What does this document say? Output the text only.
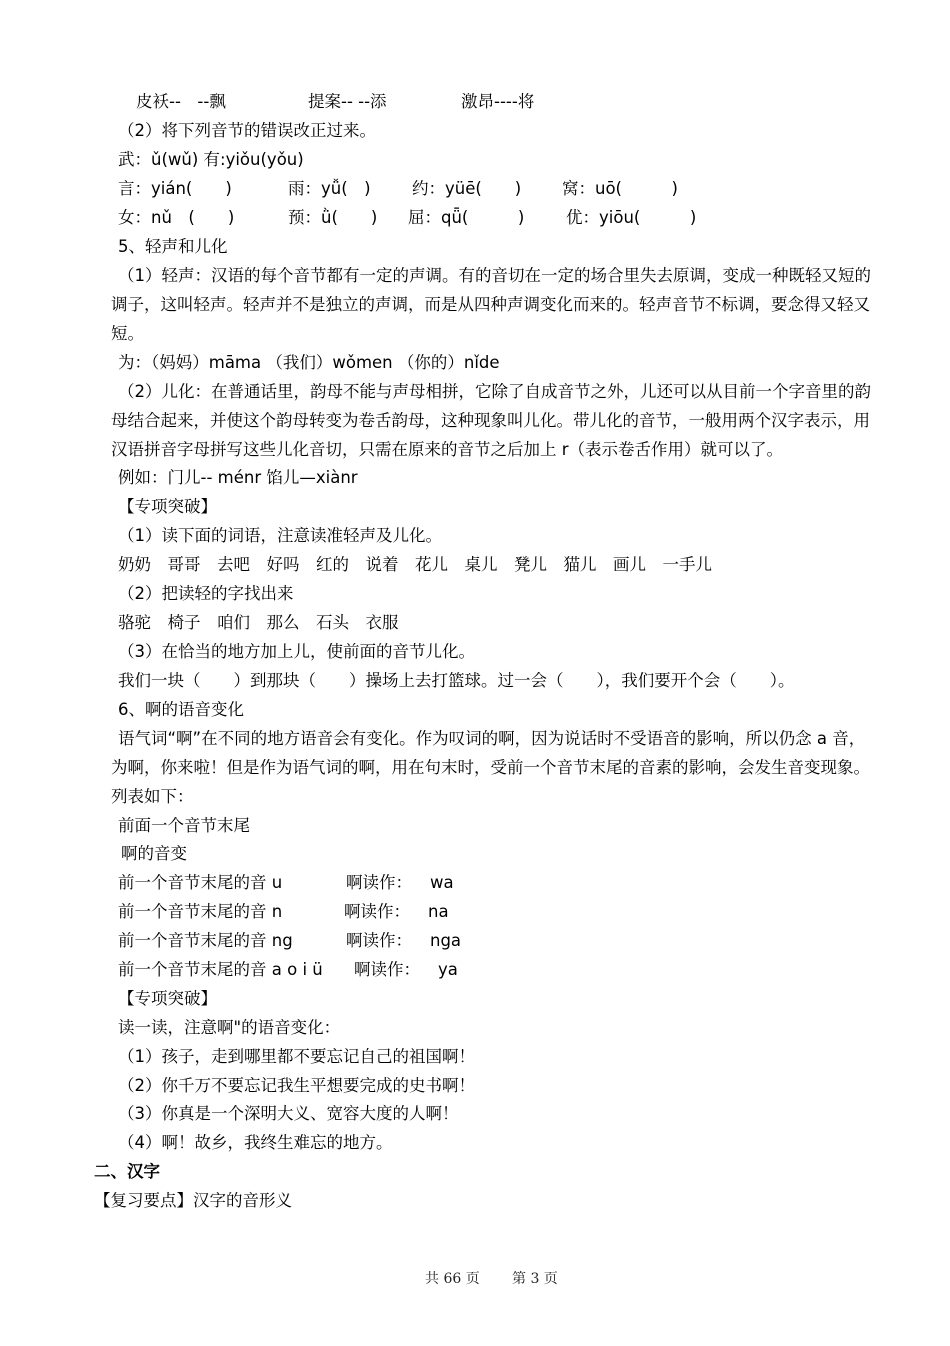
皮袄--　--飘	提案-- --添	激昂----将
（2）将下列音节的错误改正过来。
武：ǔ(wǔ) 有:yiǒu(yǒu)
言：yián(　　)	雨：yǚ(　)	约：yüē(　　) 窝：uō(　　　)
女：nǔ　(　　)	预：ǜ(　　) 屈：qǖ(　　　)	优：yiōu(　　　)
5、轻声和儿化
（1）轻声：汉语的每个音节都有一定的声调。有的音切在一定的场合里失去原调，变成一种既轻又短的
调子，这叫轻声。轻声并不是独立的声调，而是从四种声调变化而来的。轻声音节不标调，要念得又轻又
短。
为：（妈妈）māma （我们）wǒmen （你的）nǐde
（2）儿化：在普通话里，韵母不能与声母相拼，它除了自成音节之外，儿还可以从目前一个字音里的韵
母结合起来，并使这个韵母转变为卷舌韵母，这种现象叫儿化。带儿化的音节，一般用两个汉字表示，用
汉语拼音字母拼写这些儿化音切，只需在原来的音节之后加上 r（表示卷舌作用）就可以了。
例如：门儿-- ménr 馅儿—xiànr
【专项突破】
（1）读下面的词语，注意读准轻声及儿化。
奶奶　哥哥　去吧　好吗　红的　说着　花儿　桌儿　凳儿　猫儿　画儿　一手儿
（2）把读轻的字找出来
骆驼　椅子　咱们　那么　石头　衣服
（3）在恰当的地方加上儿，使前面的音节儿化。
我们一块（　　）到那块（　　）操场上去打篮球。过一会（　　），我们要开个会（　　）。
6、啊的语音变化
语气词“啊”在不同的地方语音会有变化。作为叹词的啊，因为说话时不受语音的影响，所以仍念 a 音，
为啊，你来啦！但是作为语气词的啊，用在句末时，受前一个音节末尾的音素的影响，会发生音变现象。
列表如下：
前面一个音节末尾
啊的音变
前一个音节末尾的音 u	啊读作： wa
前一个音节末尾的音 n	啊读作： na
前一个音节末尾的音 ng	啊读作： nga
前一个音节末尾的音 a o i ü 啊读作： ya
【专项突破】
读一读，注意啊"的语音变化：
（1）孩子，走到哪里都不要忘记自己的祖国啊！
（2）你千万不要忘记我生平想要完成的史书啊！
（3）你真是一个深明大义、宽容大度的人啊！
（4）啊！故乡，我终生难忘的地方。
二、汉字
【复习要点】汉字的音形义
共 66 页 第 3 页
